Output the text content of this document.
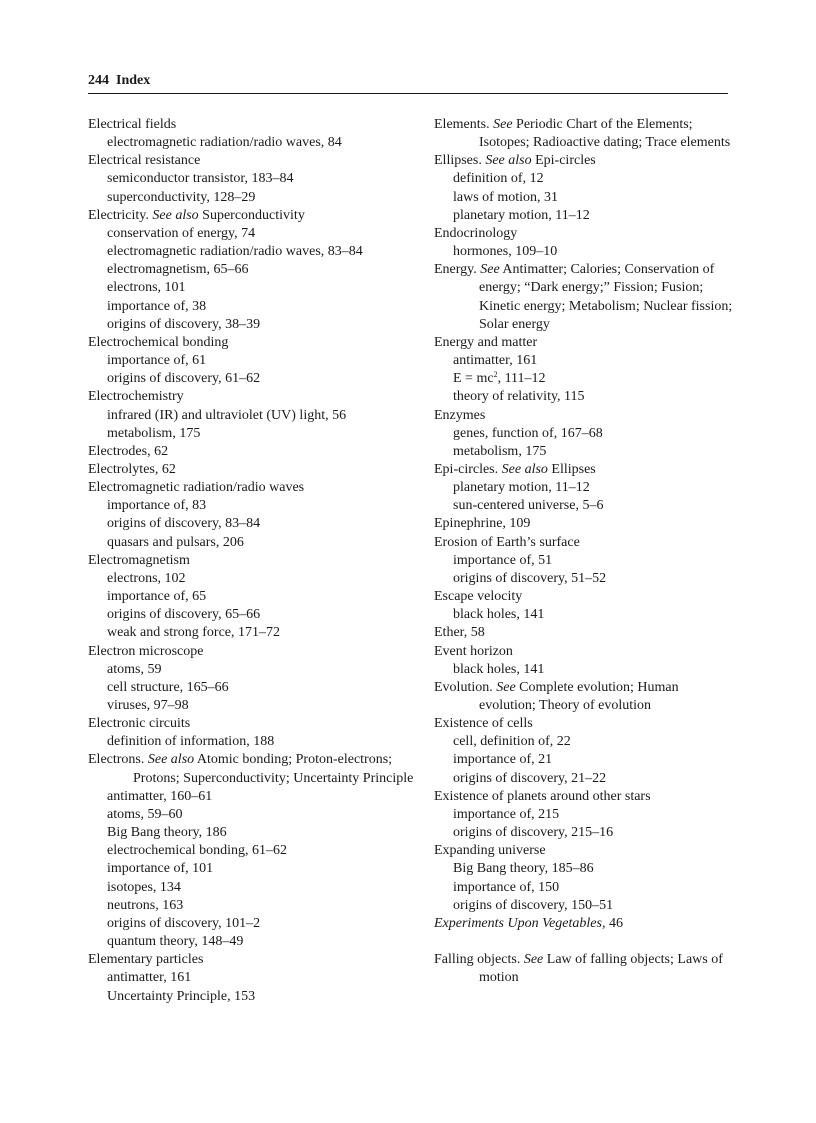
244 Index
Electrical fields
electromagnetic radiation/radio waves, 84
Electrical resistance
semiconductor transistor, 183–84
superconductivity, 128–29
Electricity. See also Superconductivity
conservation of energy, 74
electromagnetic radiation/radio waves, 83–84
electromagnetism, 65–66
electrons, 101
importance of, 38
origins of discovery, 38–39
Electrochemical bonding
importance of, 61
origins of discovery, 61–62
Electrochemistry
infrared (IR) and ultraviolet (UV) light, 56
metabolism, 175
Electrodes, 62
Electrolytes, 62
Electromagnetic radiation/radio waves
importance of, 83
origins of discovery, 83–84
quasars and pulsars, 206
Electromagnetism
electrons, 102
importance of, 65
origins of discovery, 65–66
weak and strong force, 171–72
Electron microscope
atoms, 59
cell structure, 165–66
viruses, 97–98
Electronic circuits
definition of information, 188
Electrons. See also Atomic bonding; Proton-electrons; Protons; Superconductivity; Uncertainty Principle
antimatter, 160–61
atoms, 59–60
Big Bang theory, 186
electrochemical bonding, 61–62
importance of, 101
isotopes, 134
neutrons, 163
origins of discovery, 101–2
quantum theory, 148–49
Elementary particles
antimatter, 161
Uncertainty Principle, 153
Elements. See Periodic Chart of the Elements; Isotopes; Radioactive dating; Trace elements
Ellipses. See also Epi-circles
definition of, 12
laws of motion, 31
planetary motion, 11–12
Endocrinology
hormones, 109–10
Energy. See Antimatter; Calories; Conservation of energy; “Dark energy;” Fission; Fusion; Kinetic energy; Metabolism; Nuclear fission; Solar energy
Energy and matter
antimatter, 161
$E = mc^2$, 111–12
theory of relativity, 115
Enzymes
genes, function of, 167–68
metabolism, 175
Epi-circles. See also Ellipses
planetary motion, 11–12
sun-centered universe, 5–6
Epinephrine, 109
Erosion of Earth’s surface
importance of, 51
origins of discovery, 51–52
Escape velocity
black holes, 141
Ether, 58
Event horizon
black holes, 141
Evolution. See Complete evolution; Human evolution; Theory of evolution
Existence of cells
cell, definition of, 22
importance of, 21
origins of discovery, 21–22
Existence of planets around other stars
importance of, 215
origins of discovery, 215–16
Expanding universe
Big Bang theory, 185–86
importance of, 150
origins of discovery, 150–51
Experiments Upon Vegetables, 46
Falling objects. See Law of falling objects; Laws of motion
